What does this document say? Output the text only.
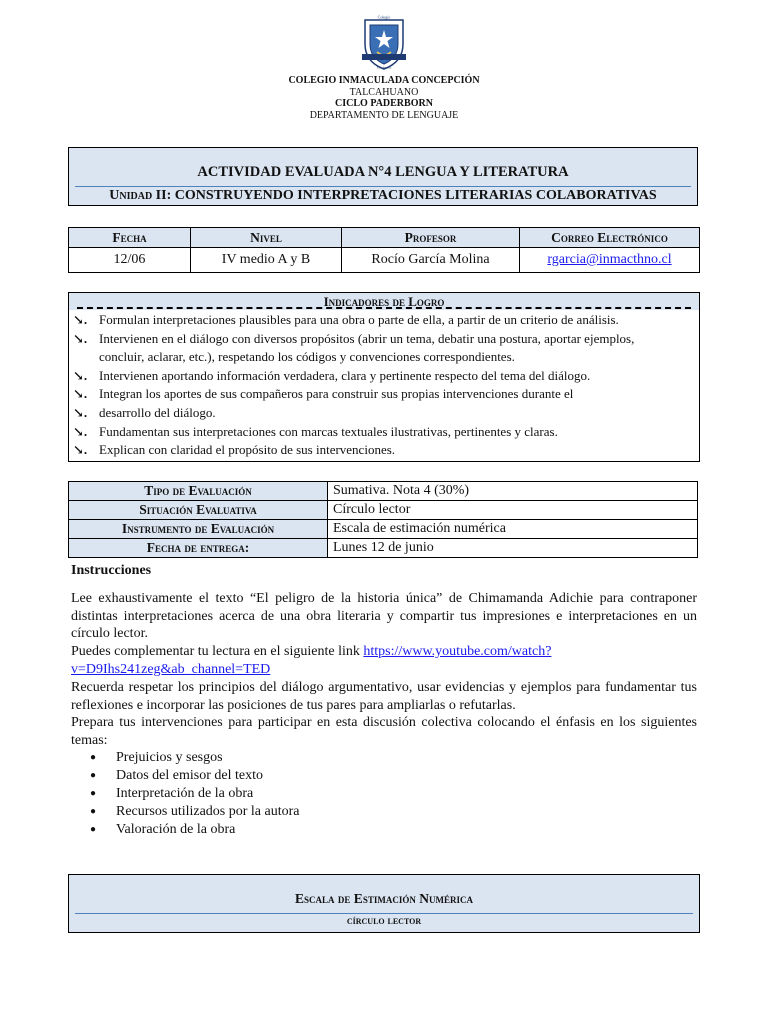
Colegio
Talcahuano
COLEGIO INMACULADA CONCEPCIÓN
TALCAHUANO
CICLO PADERBORN
DEPARTAMENTO DE LENGUAJE
ACTIVIDAD EVALUADA N°4 LENGUA Y LITERATURA
Unidad II: CONSTRUYENDO INTERPRETACIONES LITERARIAS COLABORATIVAS
Fecha	Nivel	Profesor	Correo Electrónico
12/06	IV medio A y B	Rocío García Molina	rgarcia@inmacthno.cl
Indicadores de Logro
↘. Formulan interpretaciones plausibles para una obra o parte de ella, a partir de un criterio de análisis.
↘. Intervienen en el diálogo con diversos propósitos (abrir un tema, debatir una postura, aportar ejemplos,
concluir, aclarar, etc.), respetando los códigos y convenciones correspondientes.
↘. Intervienen aportando información verdadera, clara y pertinente respecto del tema del diálogo.
↘. Integran los aportes de sus compañeros para construir sus propias intervenciones durante el
↘. desarrollo del diálogo.
↘. Fundamentan sus interpretaciones con marcas textuales ilustrativas, pertinentes y claras.
↘. Explican con claridad el propósito de sus intervenciones.
Tipo de Evaluación	Sumativa. Nota 4 (30%)
Situación Evaluativa	Círculo lector
Instrumento de Evaluación	Escala de estimación numérica
Fecha de entrega:	Lunes 12 de junio
Instrucciones
Lee exhaustivamente el texto “El peligro de la historia única” de Chimamanda Adichie para contraponer distintas interpretaciones acerca de una obra literaria y compartir tus impresiones e interpretaciones en un círculo lector.
Puedes complementar tu lectura en el siguiente link https://www.youtube.com/watch?
v=D9Ihs241zeg&ab_channel=TED
Recuerda respetar los principios del diálogo argumentativo, usar evidencias y ejemplos para fundamentar tus reflexiones e incorporar las posiciones de tus pares para ampliarlas o refutarlas.
Prepara tus intervenciones para participar en esta discusión colectiva colocando el énfasis en los siguientes temas:
● Prejuicios y sesgos
● Datos del emisor del texto
● Interpretación de la obra
● Recursos utilizados por la autora
● Valoración de la obra
Escala de Estimación Numérica
círculo lector
